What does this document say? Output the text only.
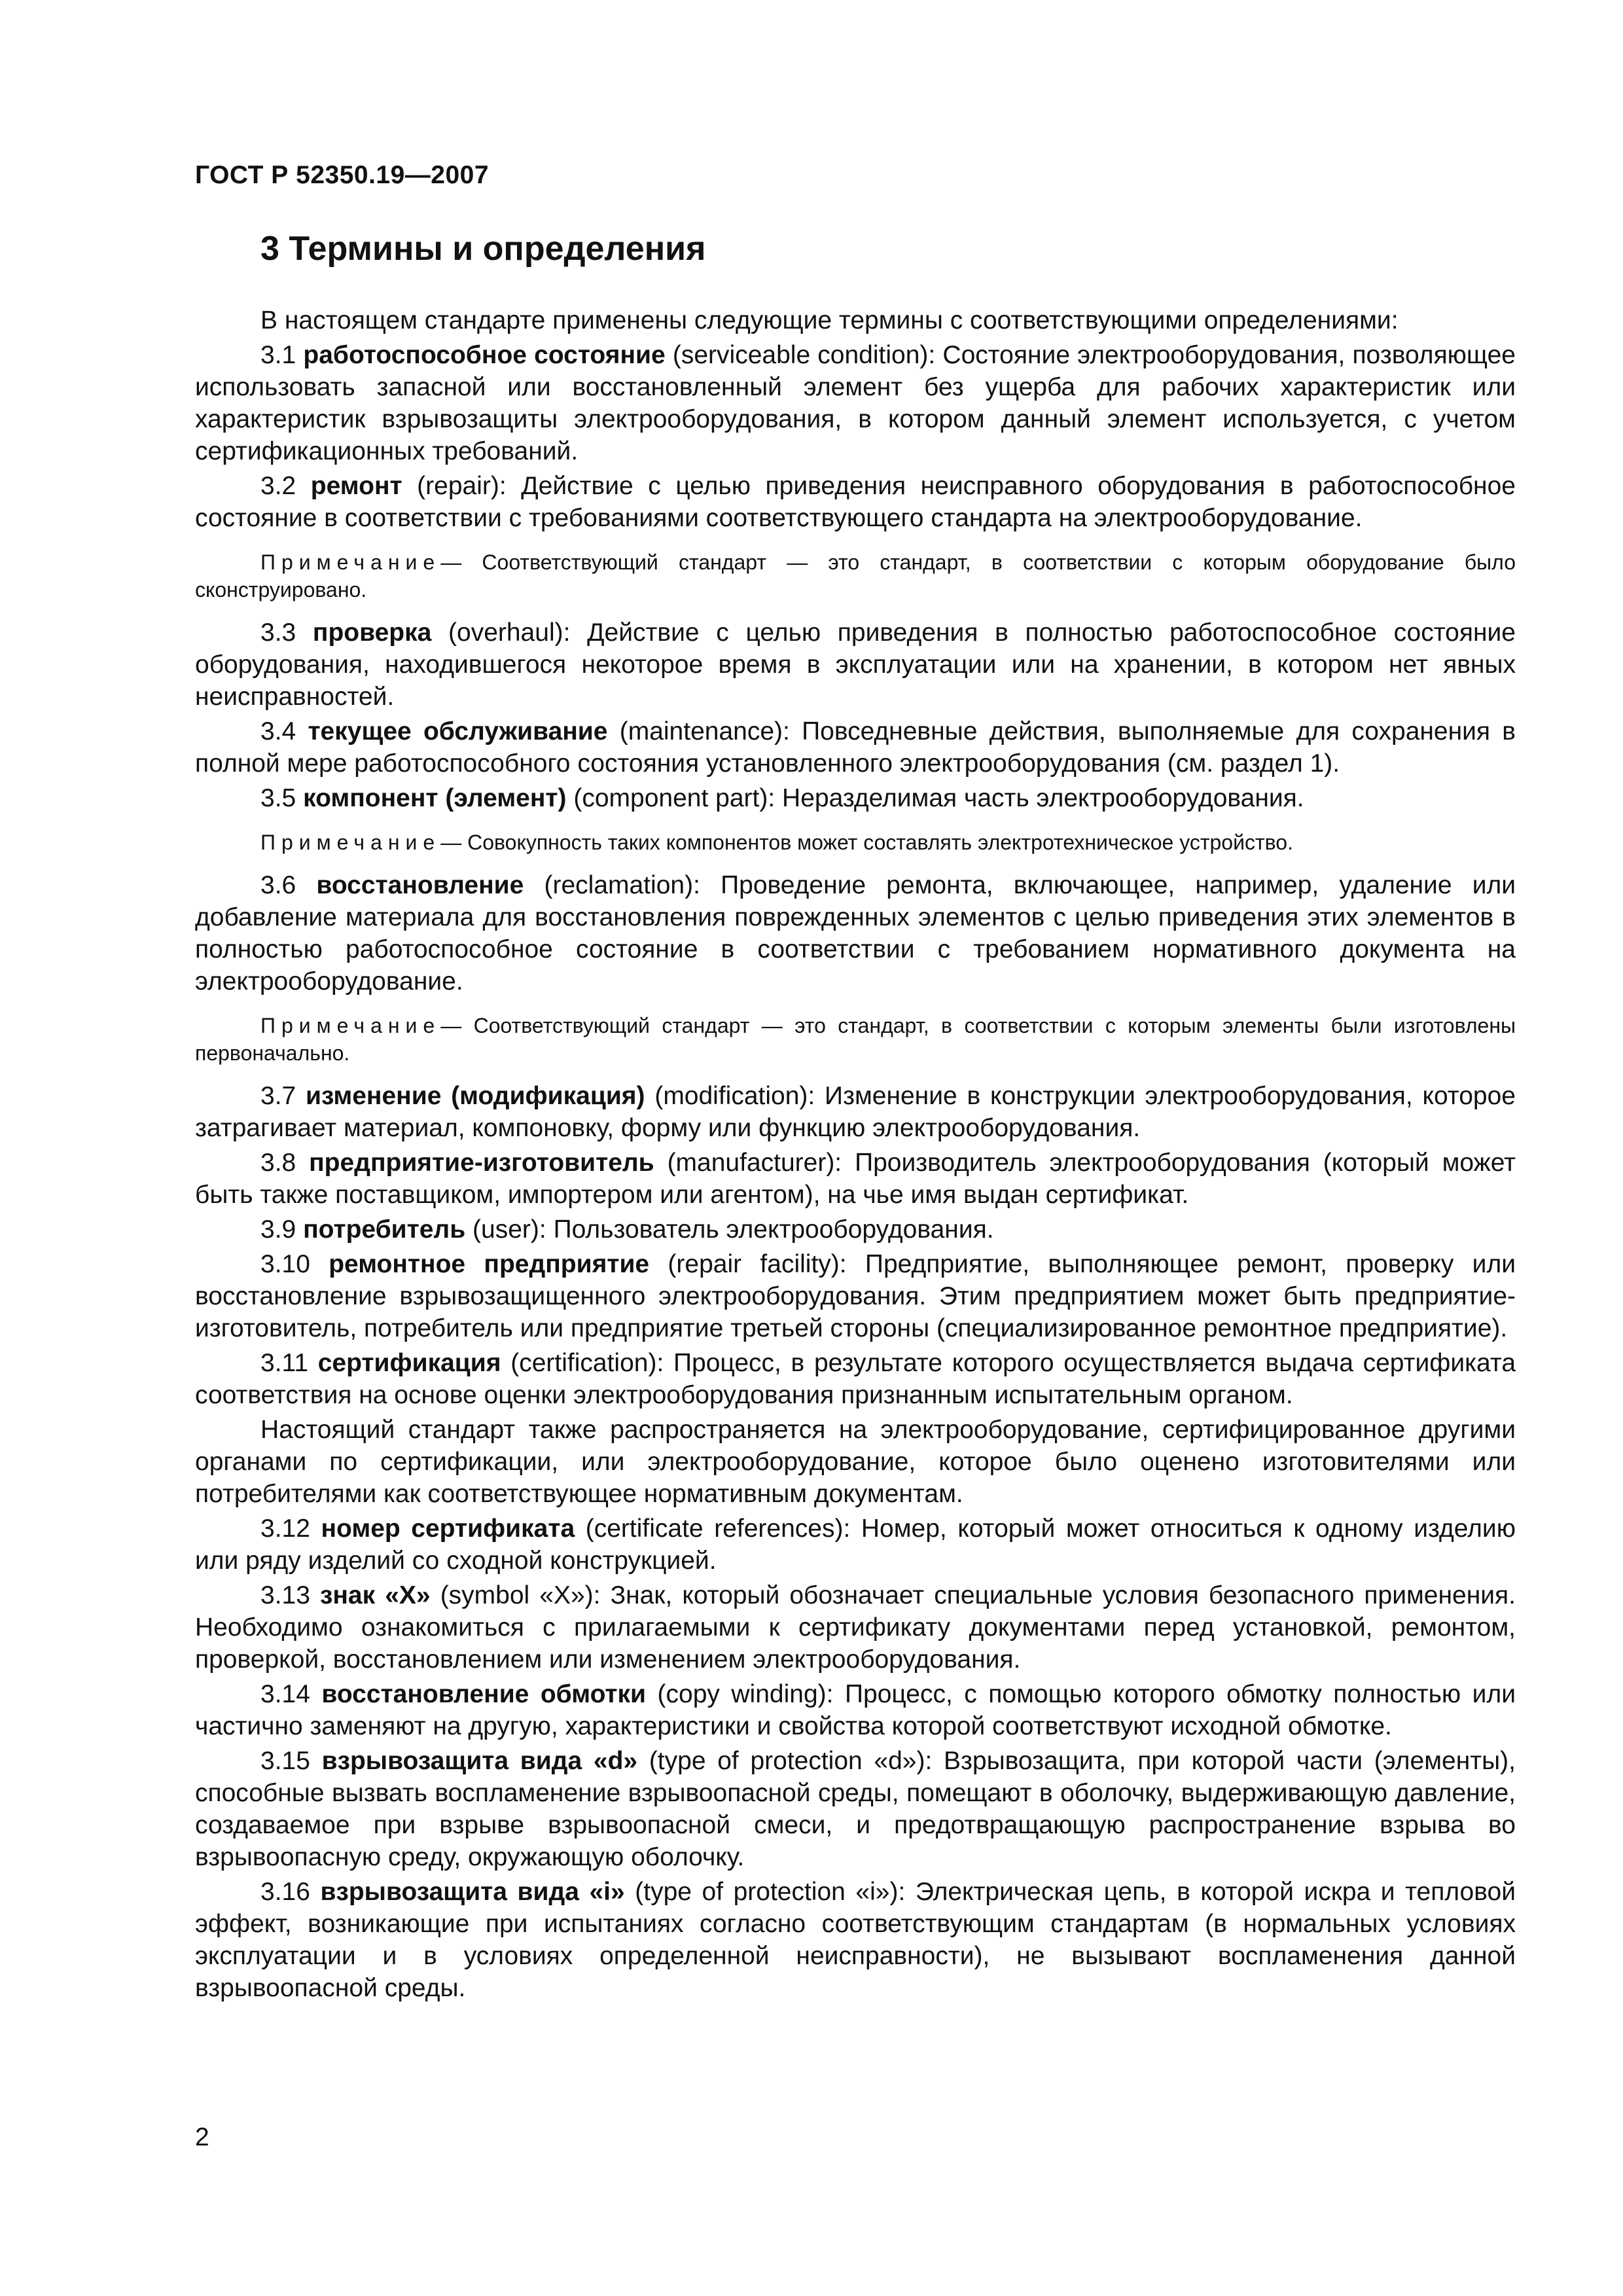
ГОСТ Р 52350.19—2007
3 Термины и определения

В настоящем стандарте применены следующие термины с соответствующими определениями:

3.1 работоспособное состояние (serviceable condition): Состояние электрооборудования, позволяющее использовать запасной или восстановленный элемент без ущерба для рабочих характеристик или характеристик взрывозащиты электрооборудования, в котором данный элемент используется, с учетом сертификационных требований.

3.2 ремонт (repair): Действие с целью приведения неисправного оборудования в работоспособное состояние в соответствии с требованиями соответствующего стандарта на электрооборудование.

Примечание— Соответствующий стандарт — это стандарт, в соответствии с которым оборудование было сконструировано.

3.3 проверка (overhaul): Действие с целью приведения в полностью работоспособное состояние оборудования, находившегося некоторое время в эксплуатации или на хранении, в котором нет явных неисправностей.

3.4 текущее обслуживание (maintenance): Повседневные действия, выполняемые для сохранения в полной мере работоспособного состояния установленного электрооборудования (см. раздел 1).

3.5 компонент (элемент) (component part): Неразделимая часть электрооборудования.

Примечание— Совокупность таких компонентов может составлять электротехническое устройство.

3.6 восстановление (reclamation): Проведение ремонта, включающее, например, удаление или добавление материала для восстановления поврежденных элементов с целью приведения этих элементов в полностью работоспособное состояние в соответствии с требованием нормативного документа на электрооборудование.

Примечание— Соответствующий стандарт — это стандарт, в соответствии с которым элементы были изготовлены первоначально.

3.7 изменение (модификация) (modification): Изменение в конструкции электрооборудования, которое затрагивает материал, компоновку, форму или функцию электрооборудования.

3.8 предприятие-изготовитель (manufacturer): Производитель электрооборудования (который может быть также поставщиком, импортером или агентом), на чье имя выдан сертификат.

3.9 потребитель (user): Пользователь электрооборудования.

3.10 ремонтное предприятие (repair facility): Предприятие, выполняющее ремонт, проверку или восстановление взрывозащищенного электрооборудования. Этим предприятием может быть предприятие-изготовитель, потребитель или предприятие третьей стороны (специализированное ремонтное предприятие).

3.11 сертификация (certification): Процесс, в результате которого осуществляется выдача сертификата соответствия на основе оценки электрооборудования признанным испытательным органом.

Настоящий стандарт также распространяется на электрооборудование, сертифицированное другими органами по сертификации, или электрооборудование, которое было оценено изготовителями или потребителями как соответствующее нормативным документам.

3.12 номер сертификата (certificate references): Номер, который может относиться к одному изделию или ряду изделий со сходной конструкцией.

3.13 знак «X» (symbol «X»): Знак, который обозначает специальные условия безопасного применения. Необходимо ознакомиться с прилагаемыми к сертификату документами перед установкой, ремонтом, проверкой, восстановлением или изменением электрооборудования.

3.14 восстановление обмотки (copy winding): Процесс, с помощью которого обмотку полностью или частично заменяют на другую, характеристики и свойства которой соответствуют исходной обмотке.

3.15 взрывозащита вида «d» (type of protection «d»): Взрывозащита, при которой части (элементы), способные вызвать воспламенение взрывоопасной среды, помещают в оболочку, выдерживающую давление, создаваемое при взрыве взрывоопасной смеси, и предотвращающую распространение взрыва во взрывоопасную среду, окружающую оболочку.

3.16 взрывозащита вида «i» (type of protection «i»): Электрическая цепь, в которой искра и тепловой эффект, возникающие при испытаниях согласно соответствующим стандартам (в нормальных условиях эксплуатации и в условиях определенной неисправности), не вызывают воспламенения данной взрывоопасной среды.

2
